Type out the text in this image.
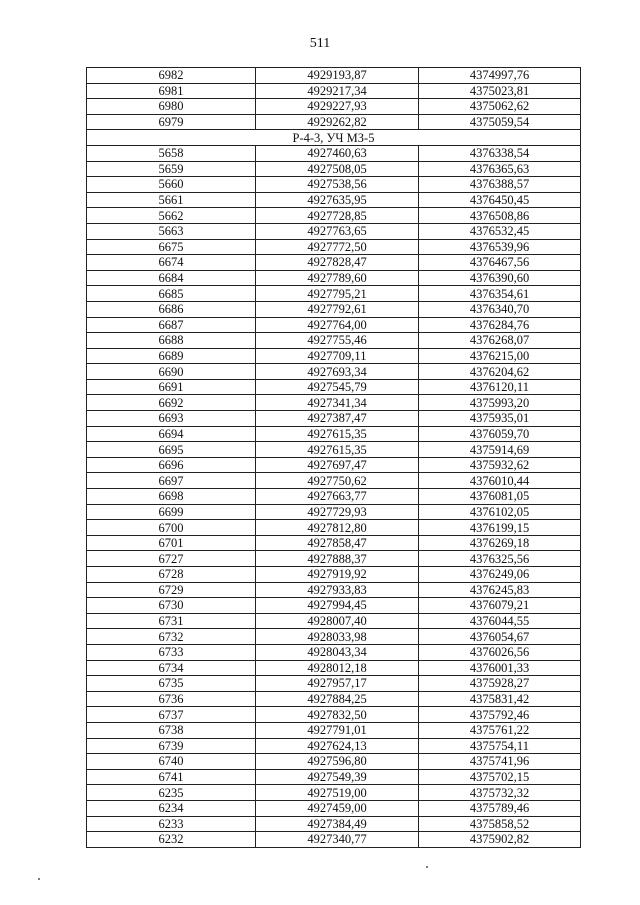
511
6982	4929193,87	4374997,76
6981	4929217,34	4375023,81
6980	4929227,93	4375062,62
6979	4929262,82	4375059,54
Р-4-3, УЧ МЗ-5		
5658	4927460,63	4376338,54
5659	4927508,05	4376365,63
5660	4927538,56	4376388,57
5661	4927635,95	4376450,45
5662	4927728,85	4376508,86
5663	4927763,65	4376532,45
6675	4927772,50	4376539,96
6674	4927828,47	4376467,56
6684	4927789,60	4376390,60
6685	4927795,21	4376354,61
6686	4927792,61	4376340,70
6687	4927764,00	4376284,76
6688	4927755,46	4376268,07
6689	4927709,11	4376215,00
6690	4927693,34	4376204,62
6691	4927545,79	4376120,11
6692	4927341,34	4375993,20
6693	4927387,47	4375935,01
6694	4927615,35	4376059,70
6695	4927615,35	4375914,69
6696	4927697,47	4375932,62
6697	4927750,62	4376010,44
6698	4927663,77	4376081,05
6699	4927729,93	4376102,05
6700	4927812,80	4376199,15
6701	4927858,47	4376269,18
6727	4927888,37	4376325,56
6728	4927919,92	4376249,06
6729	4927933,83	4376245,83
6730	4927994,45	4376079,21
6731	4928007,40	4376044,55
6732	4928033,98	4376054,67
6733	4928043,34	4376026,56
6734	4928012,18	4376001,33
6735	4927957,17	4375928,27
6736	4927884,25	4375831,42
6737	4927832,50	4375792,46
6738	4927791,01	4375761,22
6739	4927624,13	4375754,11
6740	4927596,80	4375741,96
6741	4927549,39	4375702,15
6235	4927519,00	4375732,32
6234	4927459,00	4375789,46
6233	4927384,49	4375858,52
6232	4927340,77	4375902,82
